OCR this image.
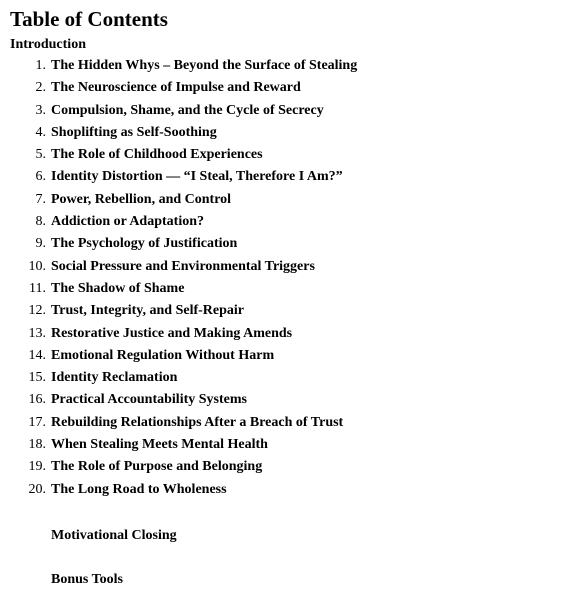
Table of Contents
Introduction
1. The Hidden Whys – Beyond the Surface of Stealing
2. The Neuroscience of Impulse and Reward
3. Compulsion, Shame, and the Cycle of Secrecy
4. Shoplifting as Self-Soothing
5. The Role of Childhood Experiences
6. Identity Distortion — “I Steal, Therefore I Am?”
7. Power, Rebellion, and Control
8. Addiction or Adaptation?
9. The Psychology of Justification
10. Social Pressure and Environmental Triggers
11. The Shadow of Shame
12. Trust, Integrity, and Self-Repair
13. Restorative Justice and Making Amends
14. Emotional Regulation Without Harm
15. Identity Reclamation
16. Practical Accountability Systems
17. Rebuilding Relationships After a Breach of Trust
18. When Stealing Meets Mental Health
19. The Role of Purpose and Belonging
20. The Long Road to Wholeness
Motivational Closing
Bonus Tools
